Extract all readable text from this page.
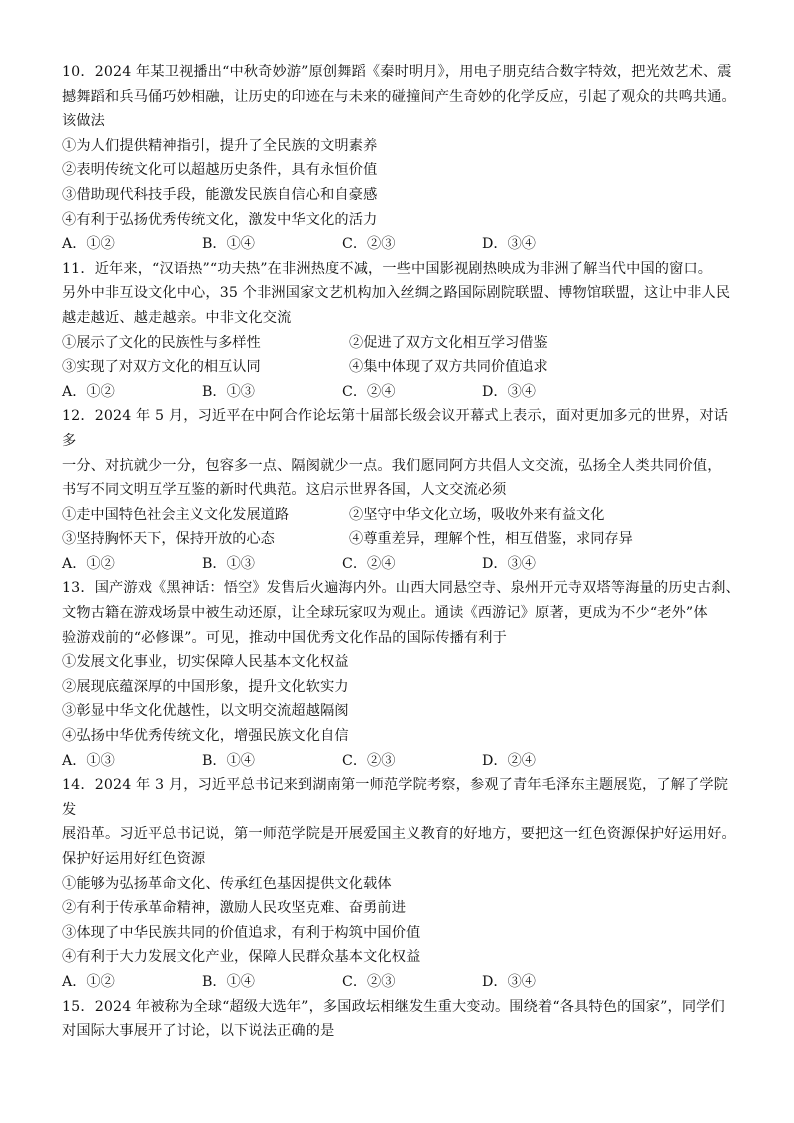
10．2024 年某卫视播出“中秋奇妙游”原创舞蹈《秦时明月》，用电子朋克结合数字特效，把光效艺术、震
撼舞蹈和兵马俑巧妙相融，让历史的印迹在与未来的碰撞间产生奇妙的化学反应，引起了观众的共鸣共通。
该做法
①为人们提供精神指引，提升了全民族的文明素养
②表明传统文化可以超越历史条件，具有永恒价值
③借助现代科技手段，能激发民族自信心和自豪感
④有利于弘扬优秀传统文化，激发中华文化的活力
A．①②	B．①④	C．②③	D．③④
11．近年来，“汉语热”“功夫热”在非洲热度不减，一些中国影视剧热映成为非洲了解当代中国的窗口。
另外中非互设文化中心，35 个非洲国家文艺机构加入丝绸之路国际剧院联盟、博物馆联盟，这让中非人民
越走越近、越走越亲。中非文化交流
①展示了文化的民族性与多样性	②促进了双方文化相互学习借鉴
③实现了对双方文化的相互认同	④集中体现了双方共同价值追求
A．①②	B．①③	C．②④	D．③④
12．2024 年 5 月，习近平在中阿合作论坛第十届部长级会议开幕式上表示，面对更加多元的世界，对话多
一分、对抗就少一分，包容多一点、隔阂就少一点。我们愿同阿方共倡人文交流，弘扬全人类共同价值，
书写不同文明互学互鉴的新时代典范。这启示世界各国，人文交流必须
①走中国特色社会主义文化发展道路	②坚守中华文化立场，吸收外来有益文化
③坚持胸怀天下，保持开放的心态	④尊重差异，理解个性，相互借鉴，求同存异
A．①②	B．①③	C．②④	D．③④
13．国产游戏《黑神话：悟空》发售后火遍海内外。山西大同悬空寺、泉州开元寺双塔等海量的历史古刹、
文物古籍在游戏场景中被生动还原，让全球玩家叹为观止。通读《西游记》原著，更成为不少“老外”体
验游戏前的“必修课”。可见，推动中国优秀文化作品的国际传播有利于
①发展文化事业，切实保障人民基本文化权益
②展现底蕴深厚的中国形象，提升文化软实力
③彰显中华文化优越性，以文明交流超越隔阂
④弘扬中华优秀传统文化，增强民族文化自信
A．①③	B．①④	C．②③	D．②④
14．2024 年 3 月，习近平总书记来到湖南第一师范学院考察，参观了青年毛泽东主题展览，了解了学院发
展沿革。习近平总书记说，第一师范学院是开展爱国主义教育的好地方，要把这一红色资源保护好运用好。
保护好运用好红色资源
①能够为弘扬革命文化、传承红色基因提供文化载体
②有利于传承革命精神，激励人民攻坚克难、奋勇前进
③体现了中华民族共同的价值追求，有利于构筑中国价值
④有利于大力发展文化产业，保障人民群众基本文化权益
A．①②	B．①④	C．②③	D．③④
15．2024 年被称为全球“超级大选年”，多国政坛相继发生重大变动。围绕着“各具特色的国家”，同学们
对国际大事展开了讨论，以下说法正确的是
